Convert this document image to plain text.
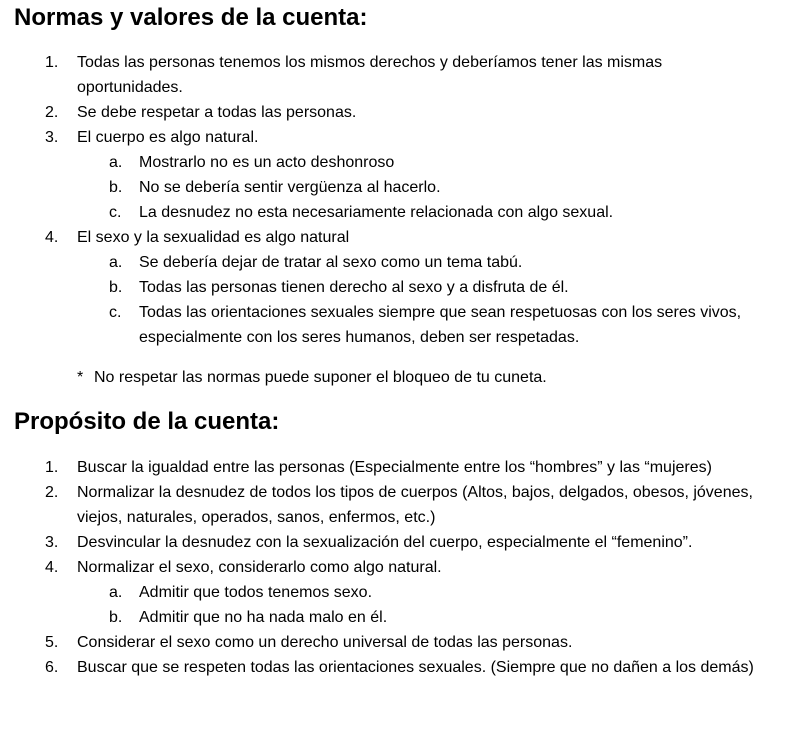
Normas y valores de la cuenta:
1.	Todas las personas tenemos los mismos derechos y deberíamos tener las mismas oportunidades.
2.	Se debe respetar a todas las personas.
3.	El cuerpo es algo natural.
a.	Mostrarlo no es un acto deshonroso
b.	No se debería sentir vergüenza al hacerlo.
c.	La desnudez no esta necesariamente relacionada con algo sexual.
4.	El sexo y la sexualidad es algo natural
a.	Se debería dejar de tratar al sexo como un tema tabú.
b.	Todas las personas tienen derecho al sexo y a disfruta de él.
c.	Todas las orientaciones sexuales siempre que sean respetuosas con los seres vivos, especialmente con los seres humanos, deben ser respetadas.
* No respetar las normas puede suponer el bloqueo de tu cuneta.
Propósito de la cuenta:
1.	Buscar la igualdad entre las personas (Especialmente entre los “hombres” y las “mujeres)
2.	Normalizar la desnudez de todos los tipos de cuerpos (Altos, bajos, delgados, obesos, jóvenes, viejos, naturales, operados, sanos, enfermos, etc.)
3.	Desvincular la desnudez con la sexualización del cuerpo, especialmente el “femenino”.
4.	Normalizar el sexo, considerarlo como algo natural.
a.	Admitir que todos tenemos sexo.
b.	Admitir que no ha nada malo en él.
5.	Considerar el sexo como un derecho universal de todas las personas.
6.	Buscar que se respeten todas las orientaciones sexuales. (Siempre que no dañen a los demás)
